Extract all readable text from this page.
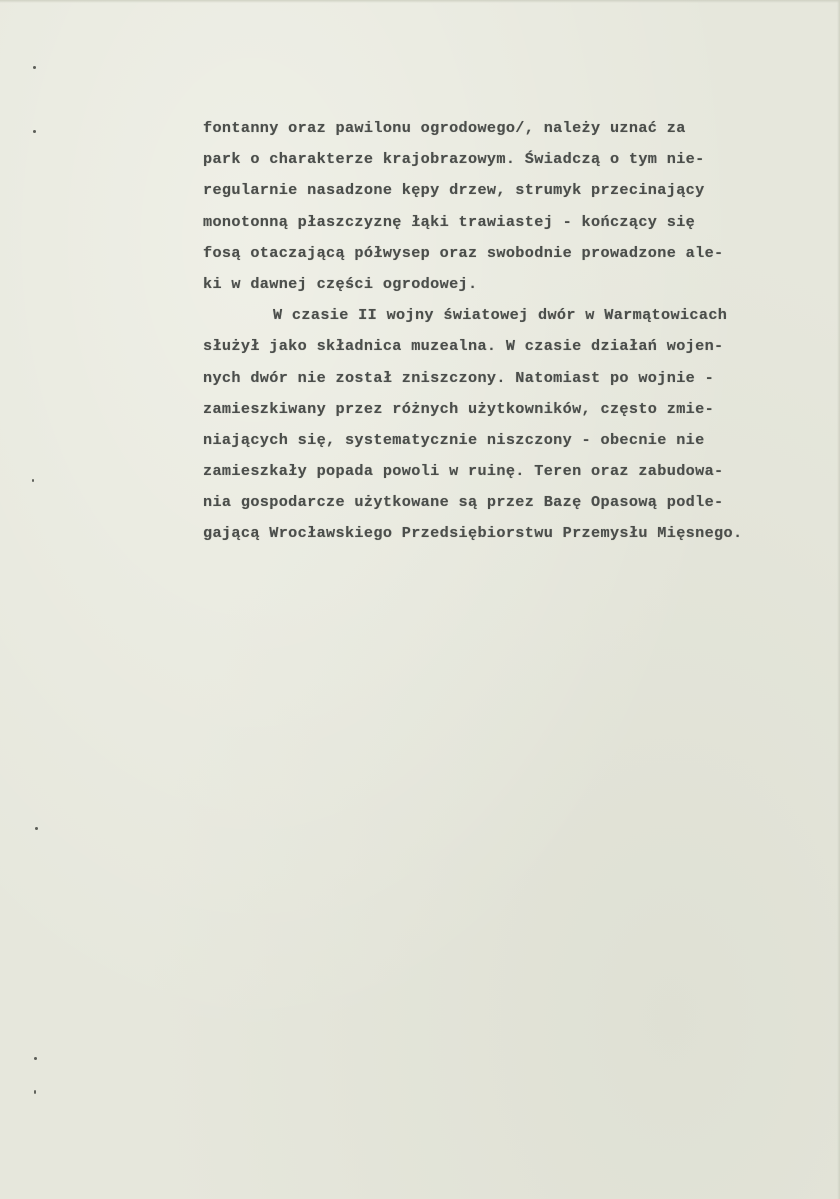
fontanny oraz pawilonu ogrodowego/, należy uznać za
park o charakterze krajobrazowym. Świadczą o tym nie-
regularnie nasadzone kępy drzew, strumyk przecinający
monotonną płaszczyznę łąki trawiastej - kończący się
fosą otaczającą półwysep oraz swobodnie prowadzone ale-
ki w dawnej części ogrodowej.
W czasie II wojny światowej dwór w Warmątowicach
służył jako składnica muzealna. W czasie działań wojen-
nych dwór nie został zniszczony. Natomiast po wojnie -
zamieszkiwany przez różnych użytkowników, często zmie-
niających się, systematycznie niszczony - obecnie nie
zamieszkały popada powoli w ruinę. Teren oraz zabudowa-
nia gospodarcze użytkowane są przez Bazę Opasową podle-
gającą Wrocławskiego Przedsiębiorstwu Przemysłu Mięsnego.
